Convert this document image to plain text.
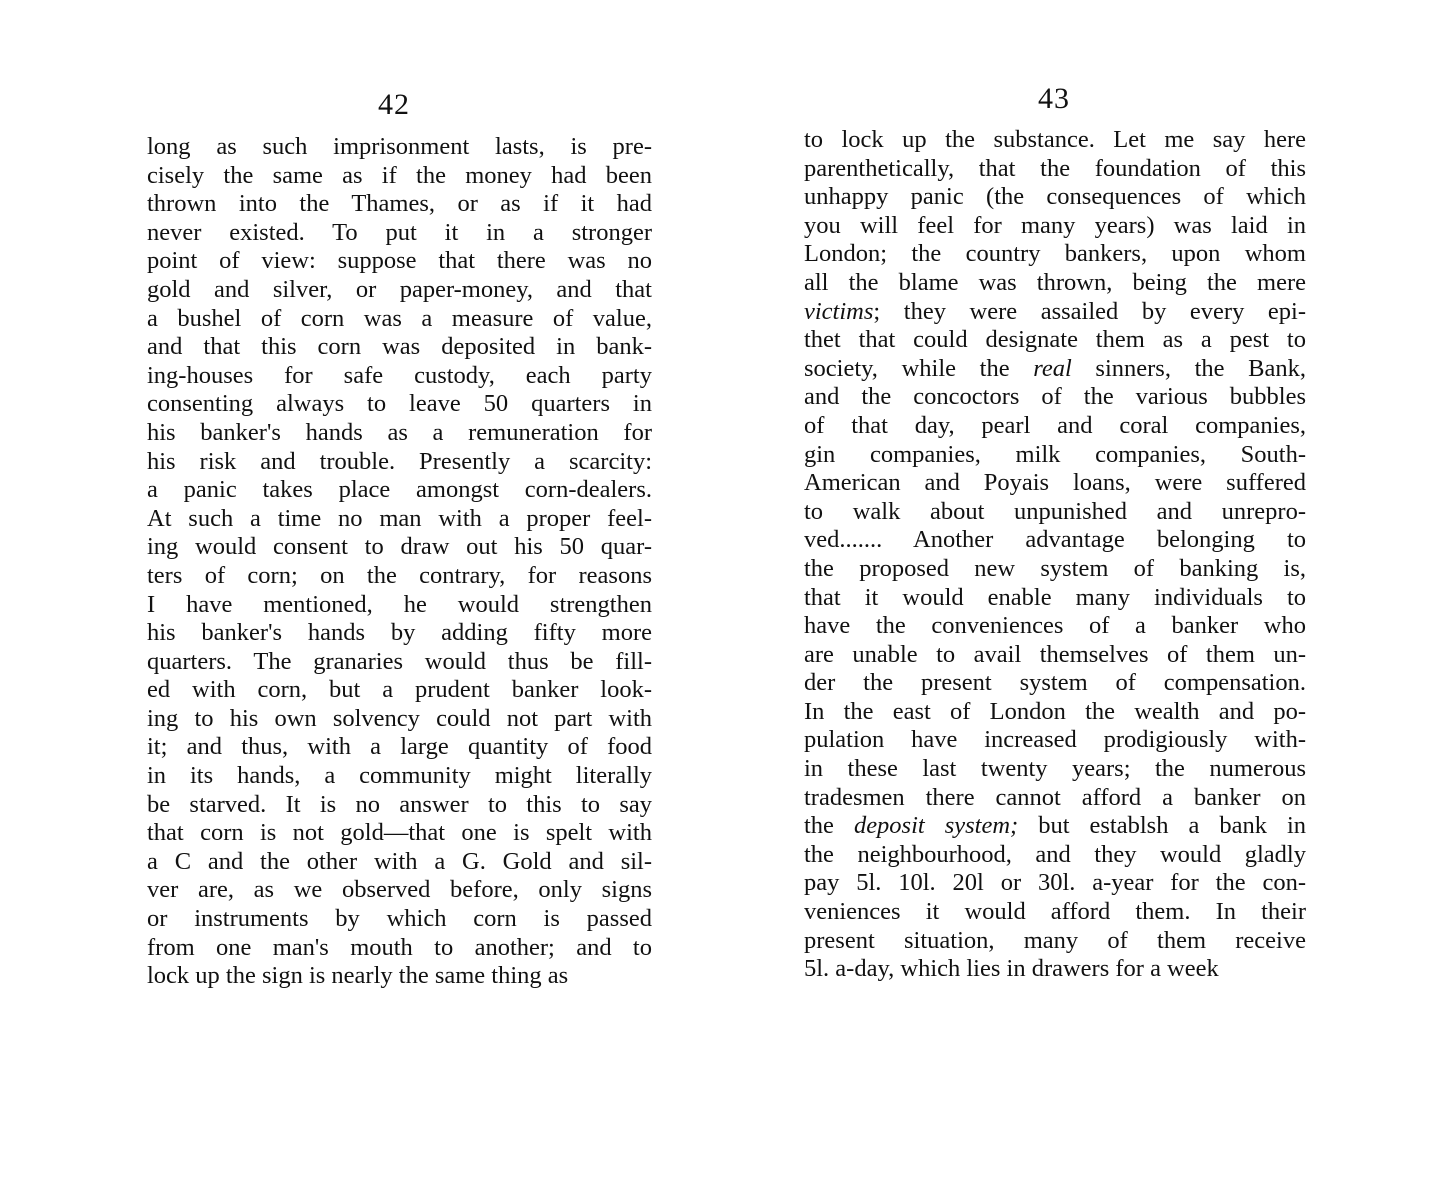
42
long as such imprisonment lasts, is pre-
cisely the same as if the money had been
thrown into the Thames, or as if it had
never existed. To put it in a stronger
point of view: suppose that there was no
gold and silver, or paper-money, and that
a bushel of corn was a measure of value,
and that this corn was deposited in bank-
ing-houses for safe custody, each party
consenting always to leave 50 quarters in
his banker's hands as a remuneration for
his risk and trouble. Presently a scarcity:
a panic takes place amongst corn-dealers.
At such a time no man with a proper feel-
ing would consent to draw out his 50 quar-
ters of corn; on the contrary, for reasons
I have mentioned, he would strengthen
his banker's hands by adding fifty more
quarters. The granaries would thus be fill-
ed with corn, but a prudent banker look-
ing to his own solvency could not part with
it; and thus, with a large quantity of food
in its hands, a community might literally
be starved. It is no answer to this to say
that corn is not gold—that one is spelt with
a C and the other with a G. Gold and sil-
ver are, as we observed before, only signs
or instruments by which corn is passed
from one man's mouth to another; and to
lock up the sign is nearly the same thing as
43
to lock up the substance. Let me say here
parenthetically, that the foundation of this
unhappy panic (the consequences of which
you will feel for many years) was laid in
London; the country bankers, upon whom
all the blame was thrown, being the mere
victims; they were assailed by every epi-
thet that could designate them as a pest to
society, while the real sinners, the Bank,
and the concoctors of the various bubbles
of that day, pearl and coral companies,
gin companies, milk companies, South-
American and Poyais loans, were suffered
to walk about unpunished and unrepro-
ved....... Another advantage belonging to
the proposed new system of banking is,
that it would enable many individuals to
have the conveniences of a banker who
are unable to avail themselves of them un-
der the present system of compensation.
In the east of London the wealth and po-
pulation have increased prodigiously with-
in these last twenty years; the numerous
tradesmen there cannot afford a banker on
the deposit system; but establsh a bank in
the neighbourhood, and they would gladly
pay 5l. 10l. 20l or 30l. a-year for the con-
veniences it would afford them. In their
present situation, many of them receive
5l. a-day, which lies in drawers for a week
